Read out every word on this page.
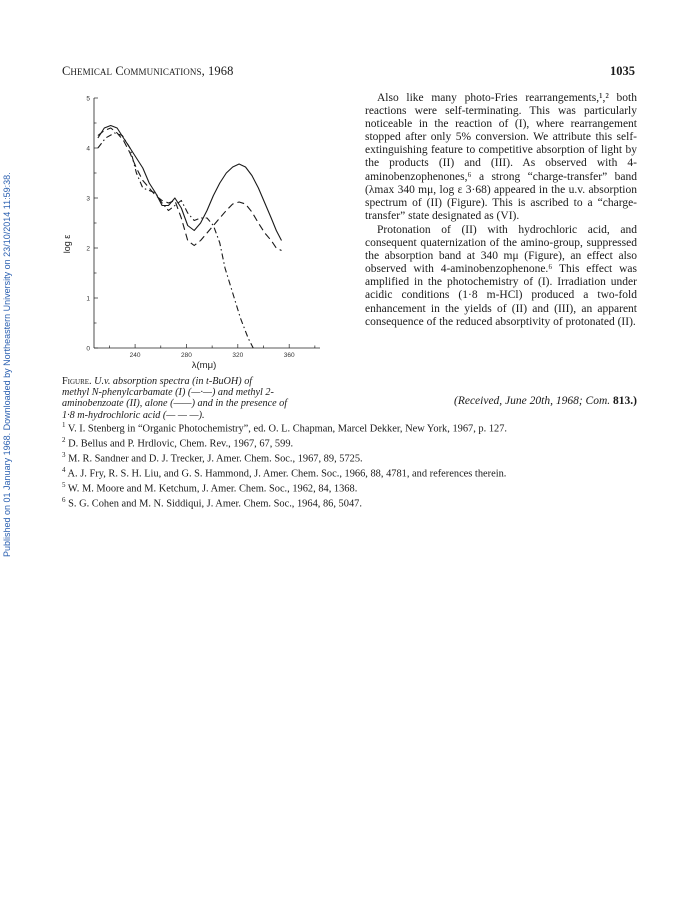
Published on 01 January 1968. Downloaded by Northeastern University on 23/10/2014 11:59:38.
Chemical Communications, 1968	1035
0
1
2
3
4
5
240	280	320	360
log ε
λ(mμ)
Figure. U.v. absorption spectra (in t-BuOH) of
methyl N-phenylcarbamate (I) (—·—) and methyl 2-
aminobenzoate (II), alone (——) and in the presence of
1·8 m-hydrochloric acid (— — —).

Also like many photo-Fries rearrangements,¹,² both reactions were self-terminating. This was particularly noticeable in the reaction of (I), where rearrangement stopped after only 5% conversion. We attribute this self-extinguishing feature to competitive absorption of light by the products (II) and (III). As observed with 4-aminobenzophenones,⁶ a strong “charge-transfer” band (λmax 340 mμ, log ε 3·68) appeared in the u.v. absorption spectrum of (II) (Figure). This is ascribed to a “charge-transfer” state designated as (VI).

Protonation of (II) with hydrochloric acid, and consequent quaternization of the amino-group, suppressed the absorption band at 340 mμ (Figure), an effect also observed with 4-aminobenzophenone.⁶ This effect was amplified in the photochemistry of (I). Irradiation under acidic conditions (1·8 m-HCl) produced a two-fold enhancement in the yields of (II) and (III), an apparent consequence of the reduced absorptivity of protonated (II).

(Received, June 20th, 1968; Com. 813.)
$^1$ V. I. Stenberg in “Organic Photochemistry”, ed. O. L. Chapman, Marcel Dekker, New York, 1967, p. 127.
$^2$ D. Bellus and P. Hrdlovic, Chem. Rev., 1967, 67, 599.
$^3$ M. R. Sandner and D. J. Trecker, J. Amer. Chem. Soc., 1967, 89, 5725.
$^4$ A. J. Fry, R. S. H. Liu, and G. S. Hammond, J. Amer. Chem. Soc., 1966, 88, 4781, and references therein.
$^5$ W. M. Moore and M. Ketchum, J. Amer. Chem. Soc., 1962, 84, 1368.
$^6$ S. G. Cohen and M. N. Siddiqui, J. Amer. Chem. Soc., 1964, 86, 5047.
